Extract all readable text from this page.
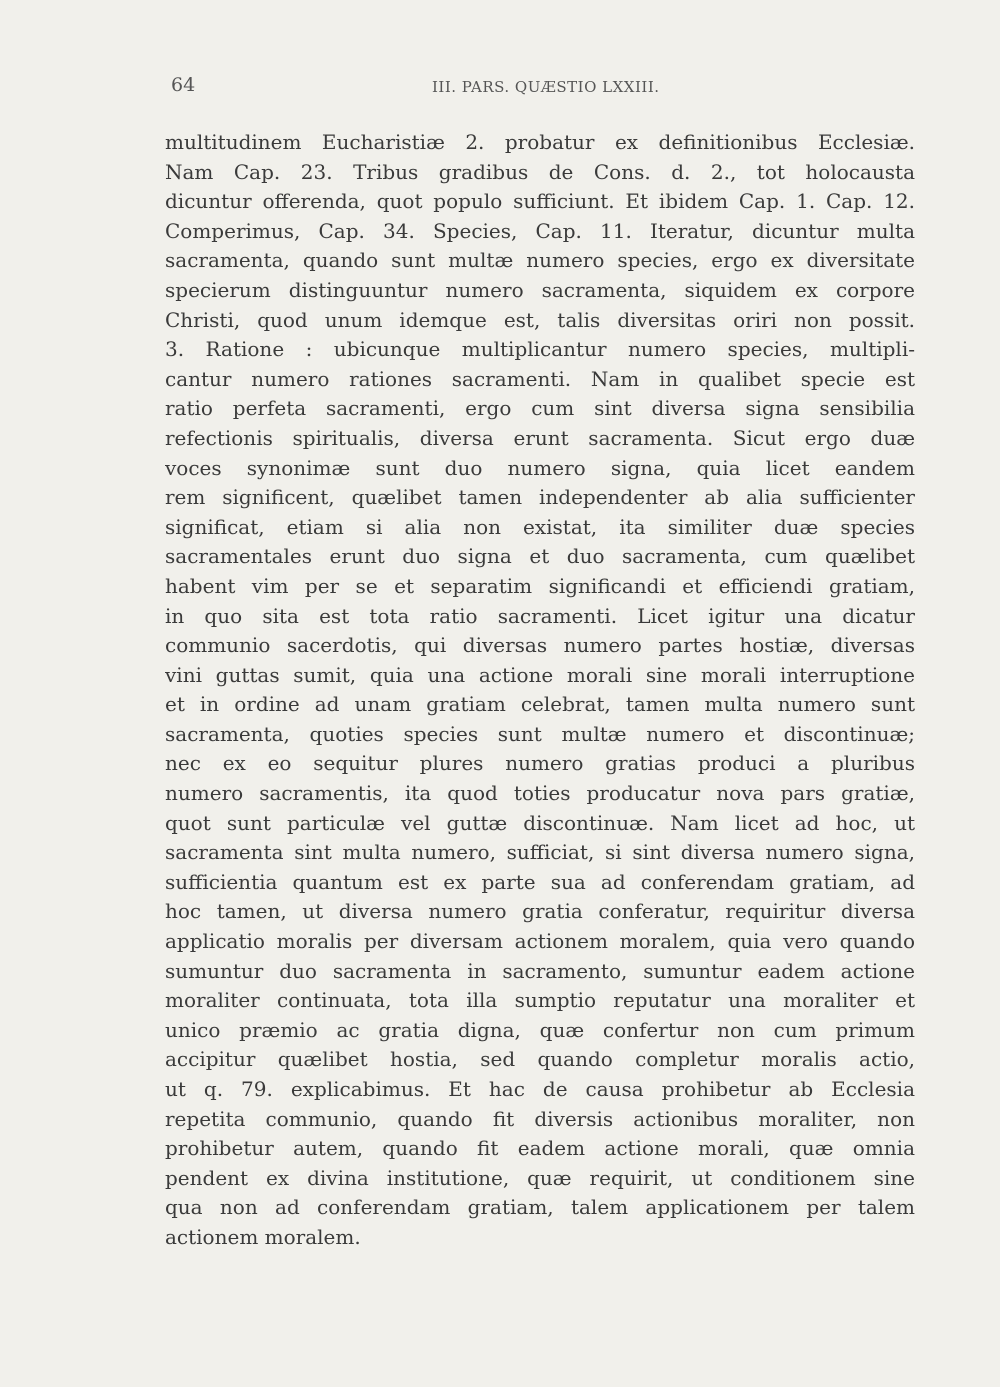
64	III. PARS. QUÆSTIO LXXIII.
multitudinem Eucharistiæ 2. probatur ex definitionibus Ecclesiæ.
Nam Cap. 23. Tribus gradibus de Cons. d. 2., tot holocausta
dicuntur offerenda, quot populo sufficiunt. Et ibidem Cap. 1. Cap. 12.
Comperimus, Cap. 34. Species, Cap. 11. Iteratur, dicuntur multa
sacramenta, quando sunt multæ numero species, ergo ex diversitate
specierum distinguuntur numero sacramenta, siquidem ex corpore
Christi, quod unum idemque est, talis diversitas oriri non possit.
3. Ratione : ubicunque multiplicantur numero species, multipli-
cantur numero rationes sacramenti. Nam in qualibet specie est
ratio perfeta sacramenti, ergo cum sint diversa signa sensibilia
refectionis spiritualis, diversa erunt sacramenta. Sicut ergo duæ
voces synonimæ sunt duo numero signa, quia licet eandem
rem significent, quælibet tamen independenter ab alia sufficienter
significat, etiam si alia non existat, ita similiter duæ species
sacramentales erunt duo signa et duo sacramenta, cum quælibet
habent vim per se et separatim significandi et efficiendi gratiam,
in quo sita est tota ratio sacramenti. Licet igitur una dicatur
communio sacerdotis, qui diversas numero partes hostiæ, diversas
vini guttas sumit, quia una actione morali sine morali interruptione
et in ordine ad unam gratiam celebrat, tamen multa numero sunt
sacramenta, quoties species sunt multæ numero et discontinuæ;
nec ex eo sequitur plures numero gratias produci a pluribus
numero sacramentis, ita quod toties producatur nova pars gratiæ,
quot sunt particulæ vel guttæ discontinuæ. Nam licet ad hoc, ut
sacramenta sint multa numero, sufficiat, si sint diversa numero signa,
sufficientia quantum est ex parte sua ad conferendam gratiam, ad
hoc tamen, ut diversa numero gratia conferatur, requiritur diversa
applicatio moralis per diversam actionem moralem, quia vero quando
sumuntur duo sacramenta in sacramento, sumuntur eadem actione
moraliter continuata, tota illa sumptio reputatur una moraliter et
unico præmio ac gratia digna, quæ confertur non cum primum
accipitur quælibet hostia, sed quando completur moralis actio,
ut q. 79. explicabimus. Et hac de causa prohibetur ab Ecclesia
repetita communio, quando fit diversis actionibus moraliter, non
prohibetur autem, quando fit eadem actione morali, quæ omnia
pendent ex divina institutione, quæ requirit, ut conditionem sine
qua non ad conferendam gratiam, talem applicationem per talem
actionem moralem.
